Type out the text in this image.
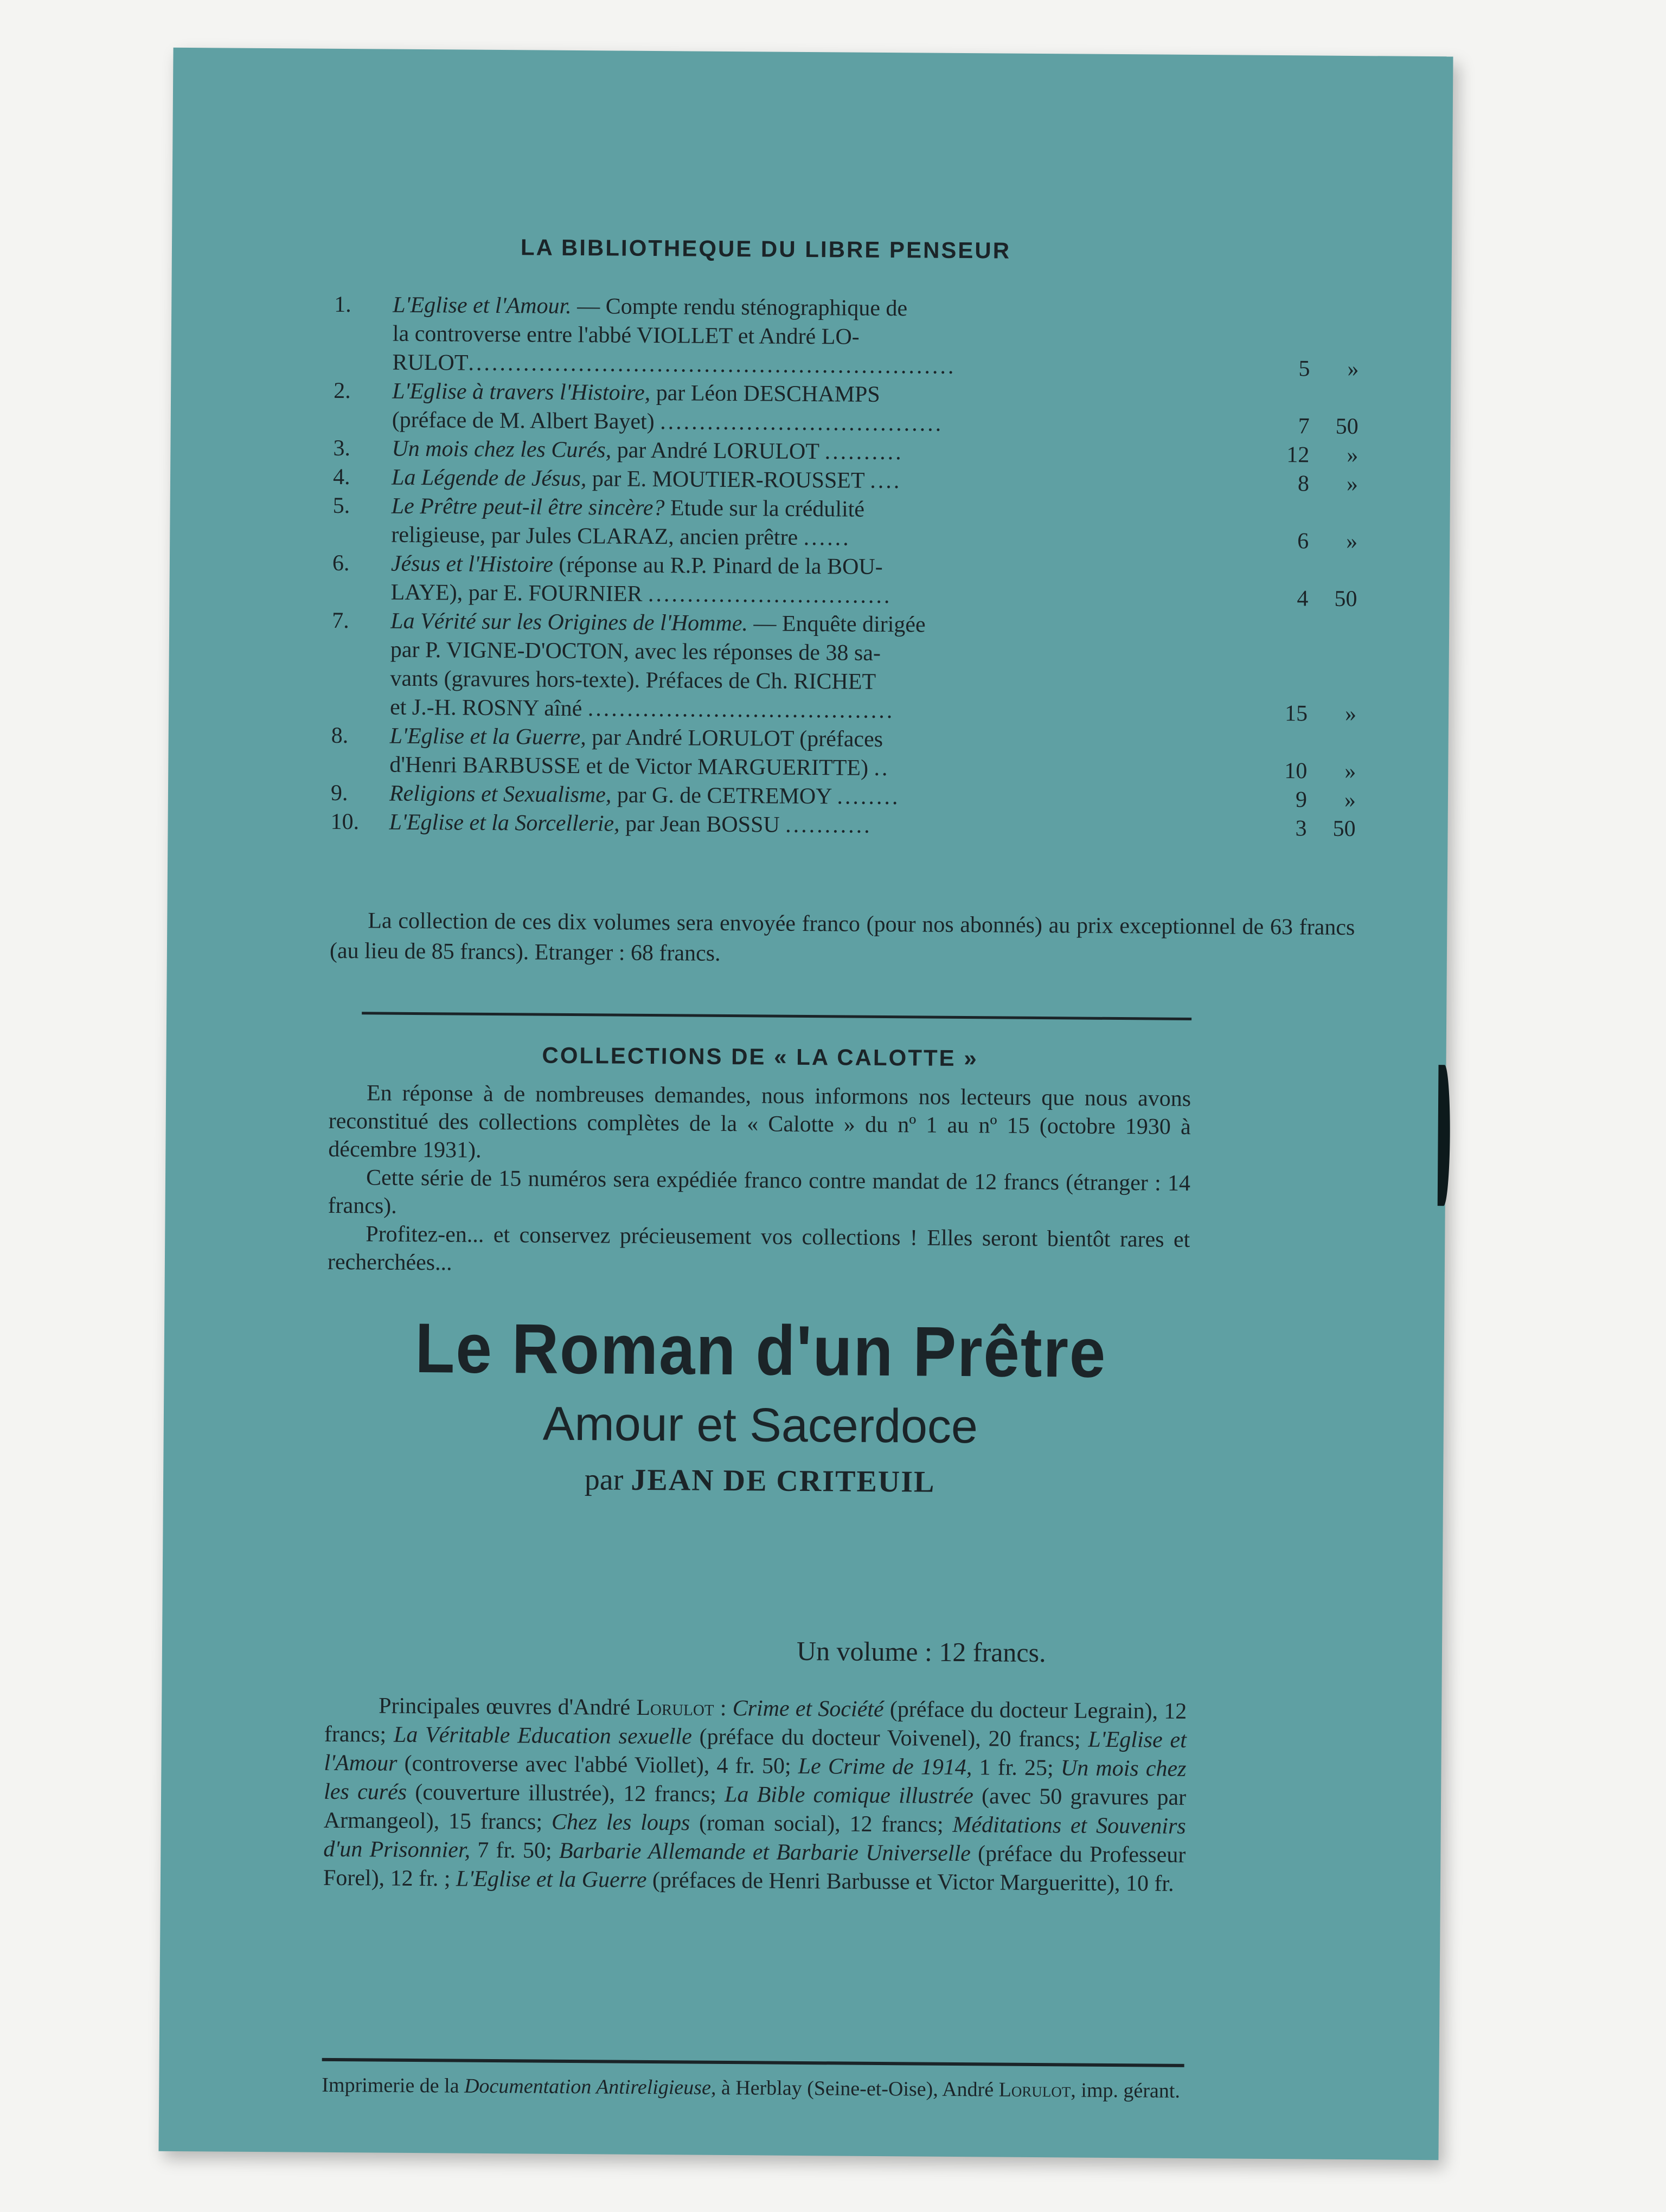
LA BIBLIOTHEQUE DU LIBRE PENSEUR
1.	L'Eglise et l'Amour. — Compte rendu sténographique de
la controverse entre l'abbé VIOLLET et André LO-
RULOT..............................................................	5	»
2.	L'Eglise à travers l'Histoire, par Léon DESCHAMPS
(préface de M. Albert Bayet) ....................................	7	50
3.	Un mois chez les Curés, par André LORULOT ..........	12	»
4.	La Légende de Jésus, par E. MOUTIER-ROUSSET ....	8	»
5.	Le Prêtre peut-il être sincère? Etude sur la crédulité
religieuse, par Jules CLARAZ, ancien prêtre ......	6	»
6.	Jésus et l'Histoire (réponse au R.P. Pinard de la BOU-
LAYE), par E. FOURNIER ...............................	4	50
7.	La Vérité sur les Origines de l'Homme. — Enquête dirigée
par P. VIGNE-D'OCTON, avec les réponses de 38 sa-
vants (gravures hors-texte). Préfaces de Ch. RICHET
et J.-H. ROSNY aîné .......................................	15	»
8.	L'Eglise et la Guerre, par André LORULOT (préfaces
d'Henri BARBUSSE et de Victor MARGUERITTE) ..	10	»
9.	Religions et Sexualisme, par G. de CETREMOY ........	9	»
10.	L'Eglise et la Sorcellerie, par Jean BOSSU ...........	3	50

La collection de ces dix volumes sera envoyée franco (pour nos abonnés) au prix exceptionnel de 63 francs (au lieu de 85 francs). Etranger : 68 francs.

COLLECTIONS DE « LA CALOTTE »

En réponse à de nombreuses demandes, nous informons nos lecteurs que nous avons reconstitué des collections complètes de la « Calotte » du nº 1 au nº 15 (octobre 1930 à décembre 1931).

Cette série de 15 numéros sera expédiée franco contre mandat de 12 francs (étranger : 14 francs).

Profitez-en... et conservez précieusement vos collections ! Elles seront bientôt rares et recherchées...

Le Roman d'un Prêtre
Amour et Sacerdoce
par JEAN DE CRITEUIL
Un volume : 12 francs.

Principales œuvres d'André Lorulot : Crime et Société (préface du docteur Legrain), 12 francs; La Véritable Education sexuelle (préface du docteur Voivenel), 20 francs; L'Eglise et l'Amour (controverse avec l'abbé Viollet), 4 fr. 50; Le Crime de 1914, 1 fr. 25; Un mois chez les curés (couverture illustrée), 12 francs; La Bible comique illustrée (avec 50 gravures par Armangeol), 15 francs; Chez les loups (roman social), 12 francs; Méditations et Souvenirs d'un Prisonnier, 7 fr. 50; Barbarie Allemande et Barbarie Universelle (préface du Professeur Forel), 12 fr. ; L'Eglise et la Guerre (préfaces de Henri Barbusse et Victor Margueritte), 10 fr.

Imprimerie de la Documentation Antireligieuse, à Herblay (Seine-et-Oise), André Lorulot, imp. gérant.
